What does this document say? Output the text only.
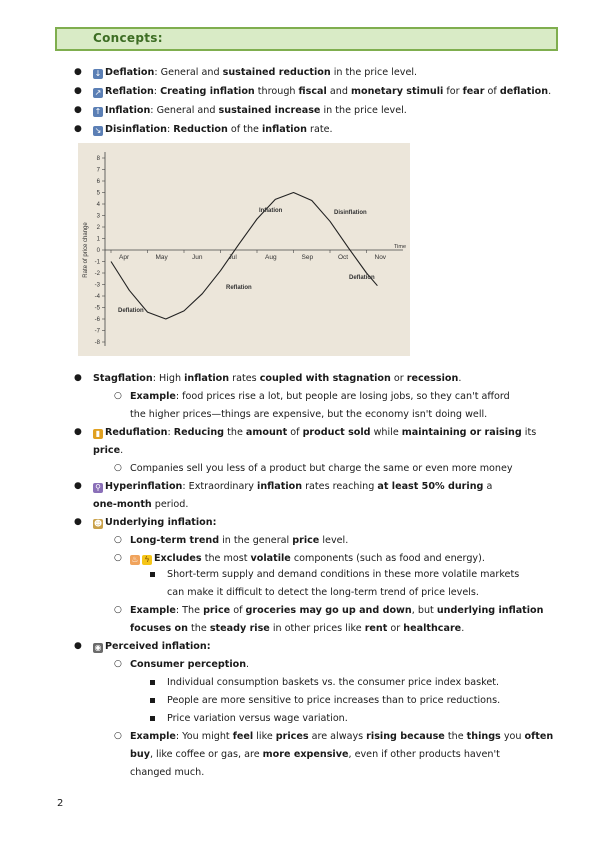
Concepts:
● ↓ Deflation: General and sustained reduction in the price level.
● ↗ Reflation: Creating inflation through fiscal and monetary stimuli for fear of deflation.
● ↑ Inflation: General and sustained increase in the price level.
● ↘ Disinflation: Reduction of the inflation rate.
8
7
6
5
4
3
2
1
0
-1
-2
-3
-4
-5
-6
-7
-8
Rate of price change	Apr	May	Jun	Jul	Aug	Sep	Oct	Nov
Time
Inflation	Disinflation
Reflation
Deflation
Deflation
● Stagflation: High inflation rates coupled with stagnation or recession.
○ Example: food prices rise a lot, but people are losing jobs, so they can't afford
the higher prices—things are expensive, but the economy isn't doing well.
●	▮ Reduflation: Reducing the amount of product sold while maintaining or raising its
price.
○ Companies sell you less of a product but charge the same or even more money
● ⚲ Hyperinflation: Extraordinary inflation rates reaching at least 50% during a
one-month period.
● ☻ Underlying inflation:
○ Long-term trend in the general price level.
○ ♨ ϟ Excludes the most volatile components (such as food and energy).
Short-term supply and demand conditions in these more volatile markets
can make it difficult to detect the long-term trend of price levels.
○ Example: The price of groceries may go up and down, but underlying inflation
focuses on the steady rise in other prices like rent or healthcare.
● ◉ Perceived inflation:
○ Consumer perception.
Individual consumption baskets vs. the consumer price index basket.
People are more sensitive to price increases than to price reductions.
Price variation versus wage variation.
○ Example: You might feel like prices are always rising because the things you often
buy, like coffee or gas, are more expensive, even if other products haven't
changed much.
2
